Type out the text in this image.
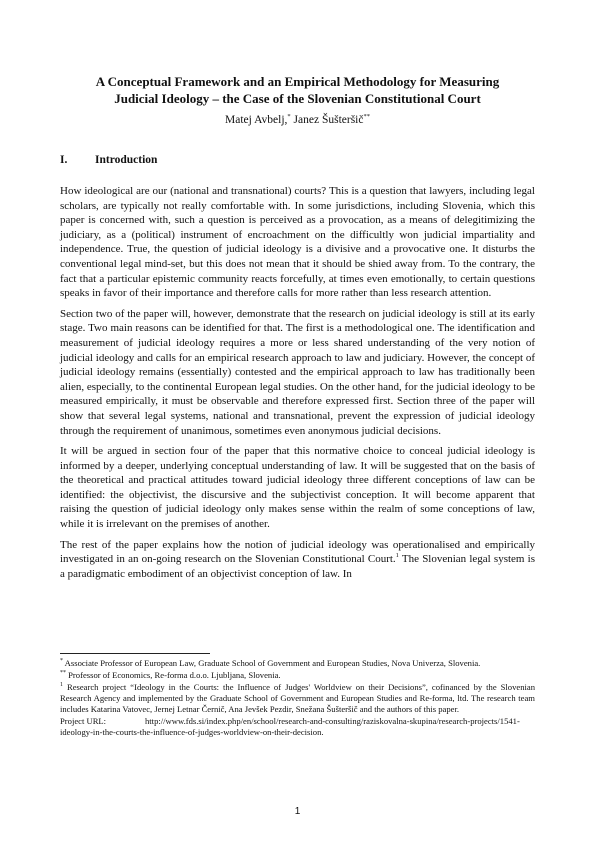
A Conceptual Framework and an Empirical Methodology for Measuring
Judicial Ideology – the Case of the Slovenian Constitutional Court
Matej Avbelj,* Janez Šušteršič**
I. Introduction

How ideological are our (national and transnational) courts? This is a question that lawyers, including legal scholars, are typically not really comfortable with. In some jurisdictions, including Slovenia, which this paper is concerned with, such a question is perceived as a provocation, as a means of delegitimizing the judiciary, as a (political) instrument of encroachment on the difficultly won judicial impartiality and independence. True, the question of judicial ideology is a divisive and a provocative one. It disturbs the conventional legal mind-set, but this does not mean that it should be shied away from. To the contrary, the fact that a particular epistemic community reacts forcefully, at times even emotionally, to certain questions speaks in favor of their importance and therefore calls for more rather than less research attention.

Section two of the paper will, however, demonstrate that the research on judicial ideology is still at its early stage. Two main reasons can be identified for that. The first is a methodological one. The identification and measurement of judicial ideology requires a more or less shared understanding of the very notion of judicial ideology and calls for an empirical research approach to law and judiciary. However, the concept of judicial ideology remains (essentially) contested and the empirical approach to law has traditionally been alien, especially, to the continental European legal studies. On the other hand, for the judicial ideology to be measured empirically, it must be observable and therefore expressed first. Section three of the paper will show that several legal systems, national and transnational, prevent the expression of judicial ideology through the requirement of unanimous, sometimes even anonymous judicial decisions.

It will be argued in section four of the paper that this normative choice to conceal judicial ideology is informed by a deeper, underlying conceptual understanding of law. It will be suggested that on the basis of the theoretical and practical attitudes toward judicial ideology three different conceptions of law can be identified: the objectivist, the discursive and the subjectivist conception. It will become apparent that raising the question of judicial ideology only makes sense within the realm of some conceptions of law, while it is irrelevant on the premises of another.

The rest of the paper explains how the notion of judicial ideology was operationalised and empirically investigated in an on-going research on the Slovenian Constitutional Court.$^1$ The Slovenian legal system is a paradigmatic embodiment of an objectivist conception of law. In

* Associate Professor of European Law, Graduate School of Government and European Studies, Nova Univerza, Slovenia.

** Professor of Economics, Re-forma d.o.o. Ljubljana, Slovenia.

$^1$ Research project “Ideology in the Courts: the Influence of Judges' Worldview on their Decisions”, cofinanced by the Slovenian Research Agency and implemented by the Graduate School of Government and European Studies and Re-forma, ltd. The research team includes Katarina Vatovec, Jernej Letnar Černič, Ana Jevšek Pezdir, Snežana Šušteršič and the authors of this paper.

Project URL:	http://www.fds.si/index.php/en/school/research-and-consulting/raziskovalna-skupina/research-projects/1541-ideology-in-the-courts-the-influence-of-judges-worldview-on-their-decision.

1
